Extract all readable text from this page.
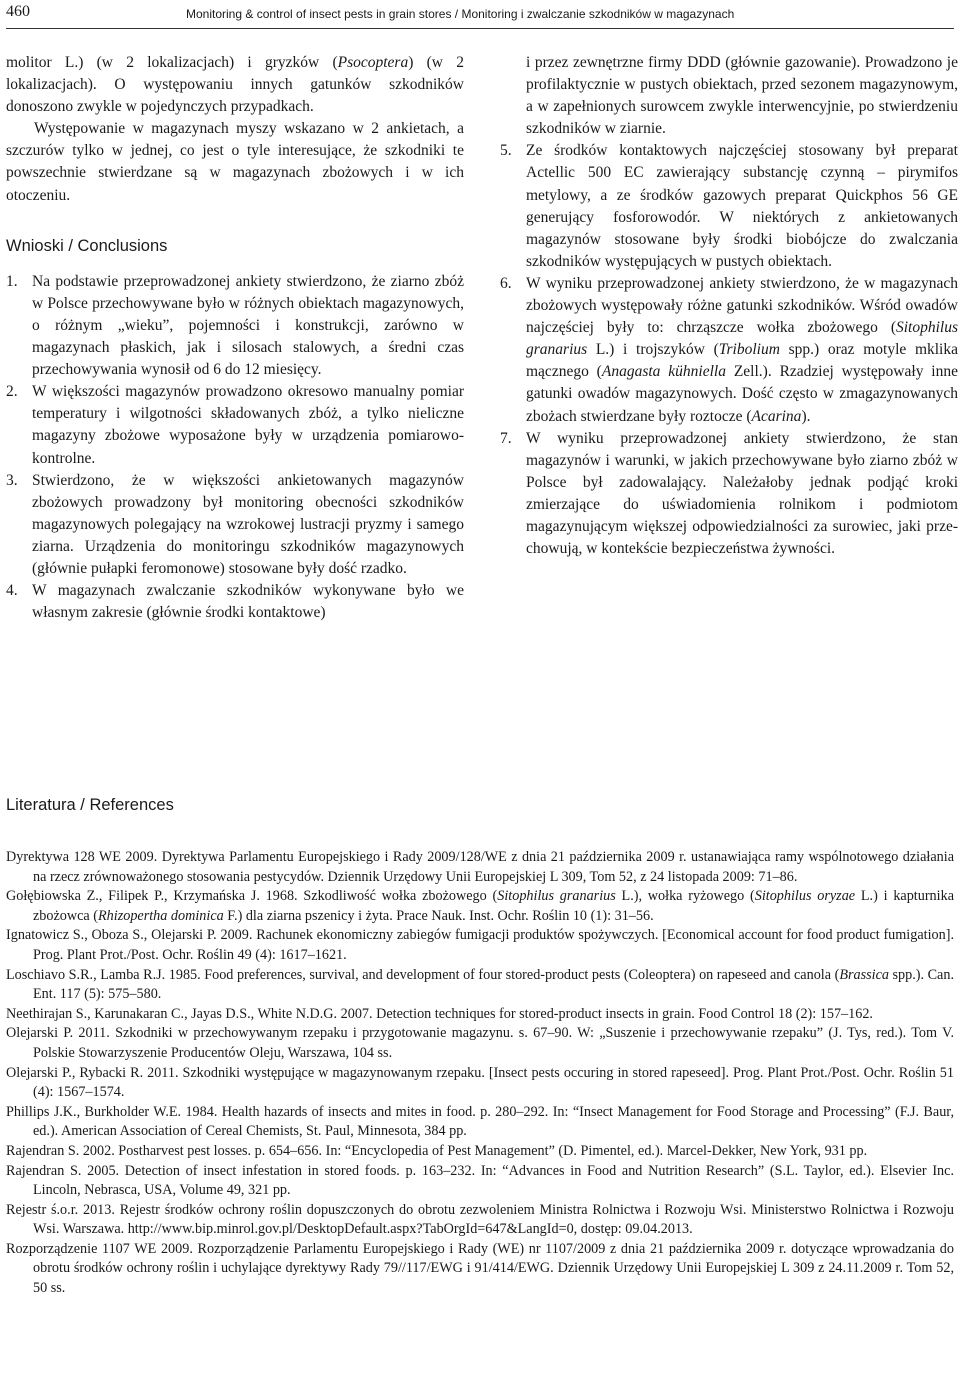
460	Monitoring & control of insect pests in grain stores / Monitoring i zwalczanie szkodników w magazynach

molitor L.) (w 2 lokalizacjach) i gryzków (Psocoptera) (w 2 lokalizacjach). O występowaniu innych gatunków szkodników donoszono zwykle w pojedynczych przypadkach.

Występowanie w magazynach myszy wskazano w 2 ankietach, a szczurów tylko w jednej, co jest o tyle interesujące, że szkodniki te powszechnie stwierdzane są w magazynach zbożowych i w ich otoczeniu.

Wnioski / Conclusions
1. Na podstawie przeprowadzonej ankiety stwierdzono, że ziarno zbóż w Polsce przechowywane było w różnych obiektach magazynowych, o różnym „wieku”, pojemności i konstrukcji, zarówno w magazynach płaskich, jak i silosach stalowych, a średni czas przechowywania wynosił od 6 do 12 miesięcy.
2. W większości magazynów prowadzono okresowo manualny pomiar temperatury i wilgotności składowanych zbóż, a tylko nieliczne magazyny zbożowe wyposażone były w urządzenia pomiarowo-kontrolne.
3. Stwierdzono, że w większości ankietowanych magazynów zbożowych prowadzony był monitoring obecności szkodników magazynowych polegający na wzrokowej lustracji pryzmy i samego ziarna. Urządzenia do monitoringu szkodników magazynowych (głównie pułapki feromonowe) stosowane były dość rzadko.
4. W magazynach zwalczanie szkodników wykonywane było we własnym zakresie (głównie środki kontaktowe)
i przez zewnętrzne firmy DDD (głównie gazowanie). Prowadzono je profilaktycznie w pustych obiektach, przed sezonem magazynowym, a w zapełnionych surowcem zwykle interwencyjnie, po stwierdzeniu szkodników w ziarnie.
5. Ze środków kontaktowych najczęściej stosowany był preparat Actellic 500 EC zawierający substancję czynną – pirymifos metylowy, a ze środków gazowych preparat Quickphos 56 GE generujący fosforowodór. W niektórych z ankietowanych magazynów stosowane były środki biobójcze do zwalczania szkodników występujących w pustych obiektach.
6. W wyniku przeprowadzonej ankiety stwierdzono, że w magazynach zbożowych występowały różne gatunki szkodników. Wśród owadów najczęściej były to: chrząszcze wołka zbożowego (Sitophilus granarius L.) i trojszyków (Tribolium spp.) oraz motyle mklika mącznego (Anagasta kühniella Zell.). Rzadziej występowały inne gatunki owadów magazynowych. Dość często w zmagazynowanych zbożach stwierdzane były roztocze (Acarina).
7. W wyniku przeprowadzonej ankiety stwierdzono, że stan magazynów i warunki, w jakich przechowywane było ziarno zbóż w Polsce był zadowalający. Należałoby jednak podjąć kroki zmierzające do uświadomienia rolnikom i podmiotom magazynującym większej odpowiedzialności za surowiec, jaki przechowują, w kontekście bezpieczeństwa żywności.
Literatura / References

Dyrektywa 128 WE 2009. Dyrektywa Parlamentu Europejskiego i Rady 2009/128/WE z dnia 21 października 2009 r. ustanawiająca ramy wspólnotowego działania na rzecz zrównoważonego stosowania pestycydów. Dziennik Urzędowy Unii Europejskiej L 309, Tom 52, z 24 listopada 2009: 71–86.

Gołębiowska Z., Filipek P., Krzymańska J. 1968. Szkodliwość wołka zbożowego (Sitophilus granarius L.), wołka ryżowego (Sitophilus oryzae L.) i kapturnika zbożowca (Rhizopertha dominica F.) dla ziarna pszenicy i żyta. Prace Nauk. Inst. Ochr. Roślin 10 (1): 31–56.

Ignatowicz S., Oboza S., Olejarski P. 2009. Rachunek ekonomiczny zabiegów fumigacji produktów spożywczych. [Economical account for food product fumigation]. Prog. Plant Prot./Post. Ochr. Roślin 49 (4): 1617–1621.

Loschiavo S.R., Lamba R.J. 1985. Food preferences, survival, and development of four stored-product pests (Coleoptera) on rapeseed and canola (Brassica spp.). Can. Ent. 117 (5): 575–580.

Neethirajan S., Karunakaran C., Jayas D.S., White N.D.G. 2007. Detection techniques for stored-product insects in grain. Food Control 18 (2): 157–162.

Olejarski P. 2011. Szkodniki w przechowywanym rzepaku i przygotowanie magazynu. s. 67–90. W: „Suszenie i przechowywanie rzepaku” (J. Tys, red.). Tom V. Polskie Stowarzyszenie Producentów Oleju, Warszawa, 104 ss.

Olejarski P., Rybacki R. 2011. Szkodniki występujące w magazynowanym rzepaku. [Insect pests occuring in stored rapeseed]. Prog. Plant Prot./Post. Ochr. Roślin 51 (4): 1567–1574.

Phillips J.K., Burkholder W.E. 1984. Health hazards of insects and mites in food. p. 280–292. In: “Insect Management for Food Storage and Processing” (F.J. Baur, ed.). American Association of Cereal Chemists, St. Paul, Minnesota, 384 pp.

Rajendran S. 2002. Postharvest pest losses. p. 654–656. In: “Encyclopedia of Pest Management” (D. Pimentel, ed.). Marcel-Dekker, New York, 931 pp.

Rajendran S. 2005. Detection of insect infestation in stored foods. p. 163–232. In: “Advances in Food and Nutrition Research” (S.L. Taylor, ed.). Elsevier Inc. Lincoln, Nebrasca, USA, Volume 49, 321 pp.

Rejestr ś.o.r. 2013. Rejestr środków ochrony roślin dopuszczonych do obrotu zezwoleniem Ministra Rolnictwa i Rozwoju Wsi. Ministerstwo Rolnictwa i Rozwoju Wsi. Warszawa. http://www.bip.minrol.gov.pl/DesktopDefault.aspx?TabOrgId=647&LangId=0, dostęp: 09.04.2013.

Rozporządzenie 1107 WE 2009. Rozporządzenie Parlamentu Europejskiego i Rady (WE) nr 1107/2009 z dnia 21 października 2009 r. dotyczące wprowadzania do obrotu środków ochrony roślin i uchylające dyrektywy Rady 79//117/EWG i 91/414/EWG. Dziennik Urzędowy Unii Europejskiej L 309 z 24.11.2009 r. Tom 52, 50 ss.
